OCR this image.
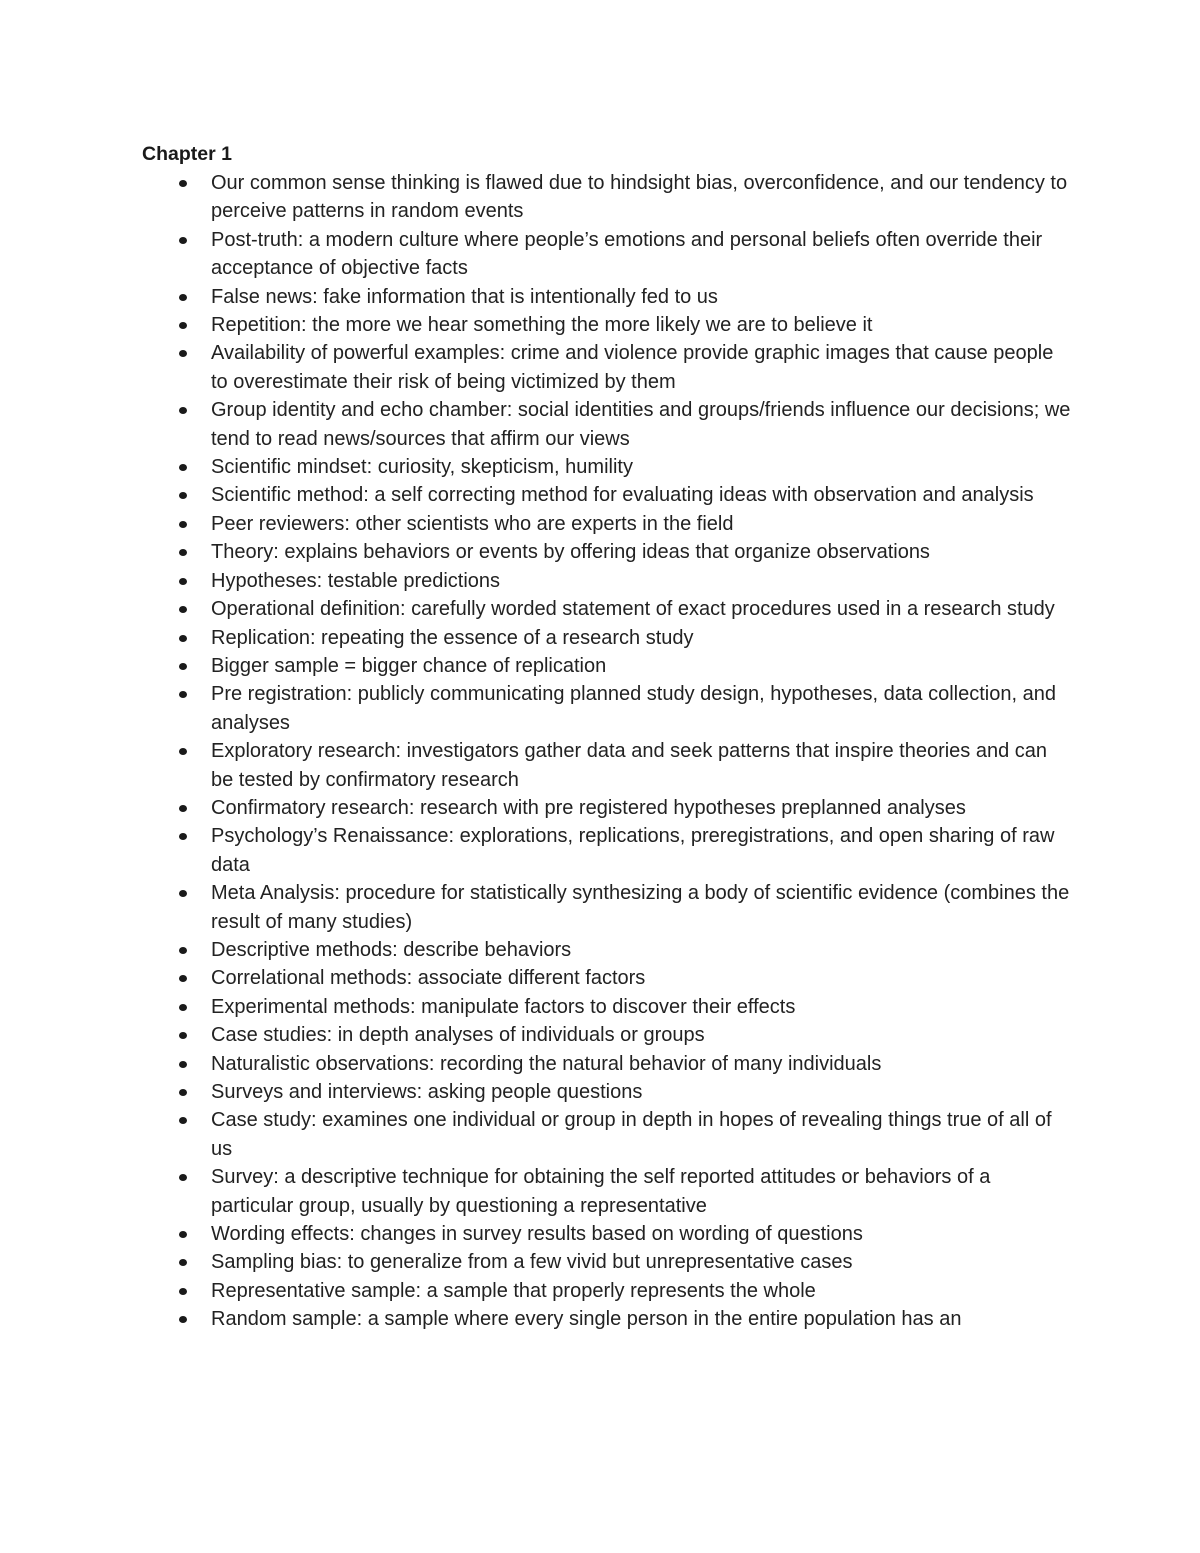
Chapter 1
Our common sense thinking is flawed due to hindsight bias, overconfidence, and our tendency to perceive patterns in random events
Post-truth: a modern culture where people’s emotions and personal beliefs often override their acceptance of objective facts
False news: fake information that is intentionally fed to us
Repetition: the more we hear something the more likely we are to believe it
Availability of powerful examples: crime and violence provide graphic images that cause people to overestimate their risk of being victimized by them
Group identity and echo chamber: social identities and groups/friends influence our decisions; we tend to read news/sources that affirm our views
Scientific mindset: curiosity, skepticism, humility
Scientific method: a self correcting method for evaluating ideas with observation and analysis
Peer reviewers: other scientists who are experts in the field
Theory: explains behaviors or events by offering ideas that organize observations
Hypotheses: testable predictions
Operational definition: carefully worded statement of exact procedures used in a research study
Replication: repeating the essence of a research study
Bigger sample = bigger chance of replication
Pre registration: publicly communicating planned study design, hypotheses, data collection, and analyses
Exploratory research: investigators gather data and seek patterns that inspire theories and can be tested by confirmatory research
Confirmatory research: research with pre registered hypotheses preplanned analyses
Psychology’s Renaissance: explorations, replications, preregistrations, and open sharing of raw data
Meta Analysis: procedure for statistically synthesizing a body of scientific evidence (combines the result of many studies)
Descriptive methods: describe behaviors
Correlational methods: associate different factors
Experimental methods: manipulate factors to discover their effects
Case studies: in depth analyses of individuals or groups
Naturalistic observations: recording the natural behavior of many individuals
Surveys and interviews: asking people questions
Case study: examines one individual or group in depth in hopes of revealing things true of all of us
Survey: a descriptive technique for obtaining the self reported attitudes or behaviors of a particular group, usually by questioning a representative
Wording effects: changes in survey results based on wording of questions
Sampling bias: to generalize from a few vivid but unrepresentative cases
Representative sample: a sample that properly represents the whole
Random sample: a sample where every single person in the entire population has an
